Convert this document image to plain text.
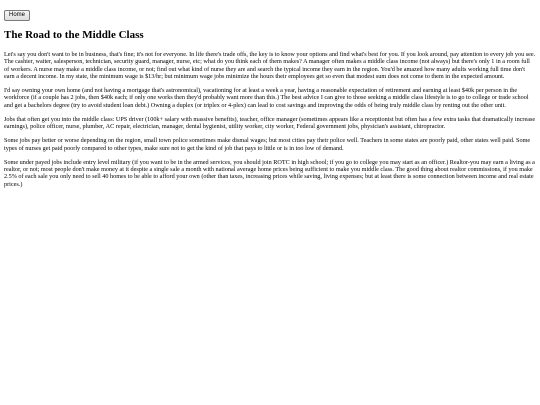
Home
The Road to the Middle Class

Let's say you don't want to be in business, that's fine; it's not for everyone. In life there's trade offs, the key is to know your options and find what's best for you. If you look around, pay attention to every job you see. The cashier, waiter, salesperson, technician, security guard, manager, nurse, etc; what do you think each of them makes? A manager often makes a middle class income (not always) but there's only 1 in a room full of workers. A nurse may make a middle class income, or not; find out what kind of nurse they are and search the typical income they earn in the region. You'd be amazed how many adults working full time don't earn a decent income. In my state, the minimum wage is $13/hr; but minimum wage jobs minimize the hours their employees get so even that modest sum does not come to them in the expected amount.

I'd say owning your own home (and not having a mortgage that's astronomical), vacationing for at least a week a year, having a reasonable expectation of retirement and earning at least $40k per person in the workforce (if a couple has 2 jobs, then $40k each; if only one works then they'd probably want more than this.) The best advice I can give to those seeking a middle class lifestyle is to go to college or trade school and get a bachelors degree (try to avoid student loan debt.) Owning a duplex (or triplex or 4-plex) can lead to cost savings and improving the odds of being truly middle class by renting out the other unit.

Jobs that often get you into the middle class: UPS driver (100k+ salary with massive benefits), teacher, office manager (sometimes appears like a receptionist but often has a few extra tasks that dramatically increase earnings), police officer, nurse, plumber, AC repair, electrician, manager, dental hygienist, utility worker, city worker, Federal government jobs, physician's assistant, chiropractor.

Some jobs pay better or worse depending on the region, small town police sometimes make dismal wages; but most cities pay their police well. Teachers in some states are poorly paid, other states well paid. Some types of nurses get paid poorly compared to other types, make sure not to get the kind of job that pays to little or is in too low of demand.

Some under payed jobs include entry level military (if you want to be in the armed services, you should join ROTC in high school; if you go to college you may start as an officer.) Realtor-you may earn a living as a realtor, or not; most people don't make money at it despite a single sale a month with national average home prices being sufficient to make you middle class. The good thing about realtor commissions, if you make 2.5% of each sale you only need to sell 40 homes to be able to afford your own (other than taxes, increasing prices while saving, living expenses; but at least there is some connection between income and real estate prices.)
